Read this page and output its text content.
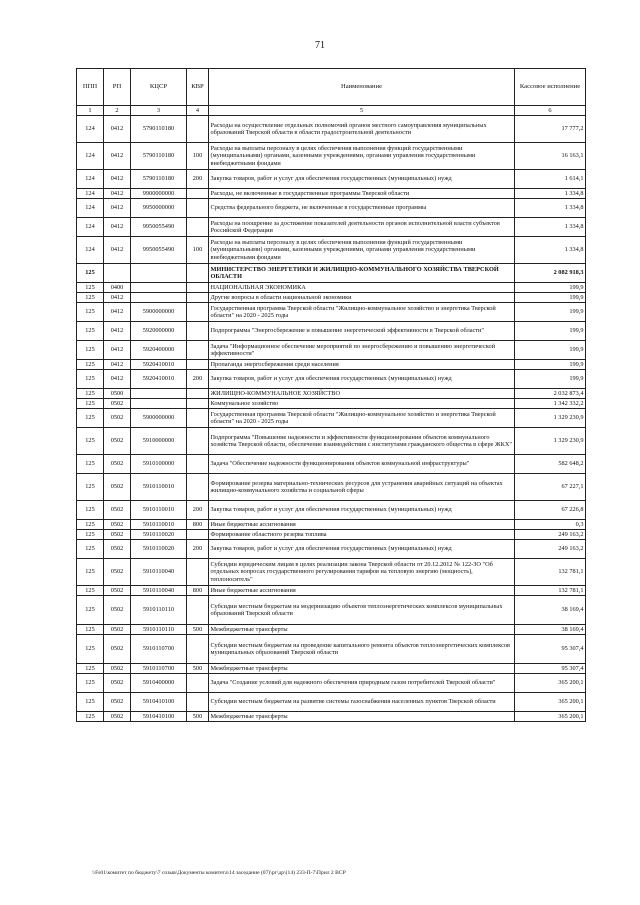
71
ППП	РП	КЦСР	КВР	Наименование	Кассовое исполнение
1	2	3	4	5	6
124	0412	5790110180		Расходы на осуществление отдельных полномочий органов местного самоуправления муниципальных образований Тверской области в области градостроительной деятельности	17 777,2
124	0412	5790110180	100	Расходы на выплаты персоналу в целях обеспечения выполнения функций государственными (муниципальными) органами, казенными учреждениями, органами управления государственными внебюджетными фондами	16 163,1
124	0412	5790110180	200	Закупка товаров, работ и услуг для обеспечения государственных (муниципальных) нужд	1 614,1
124	0412	9900000000		Расходы, не включенные в государственные программы Тверской области	1 334,8
124	0412	9950000000		Средства федерального бюджета, не включенные в государственные программы	1 334,8
124	0412	9950055490		Расходы на поощрение за достижение показателей деятельности органов исполнительной власти субъектов Российской Федерации	1 334,8
124	0412	9950055490	100	Расходы на выплаты персоналу в целях обеспечения выполнения функций государственными (муниципальными) органами, казенными учреждениями, органами управления государственными внебюджетными фондами	1 334,8
125				МИНИСТЕРСТВО ЭНЕРГЕТИКИ И ЖИЛИЩНО-КОММУНАЛЬНОГО ХОЗЯЙСТВА ТВЕРСКОЙ ОБЛАСТИ	2 082 918,3
125	0400			НАЦИОНАЛЬНАЯ ЭКОНОМИКА	199,9
125	0412			Другие вопросы в области национальной экономики	199,9
125	0412	5900000000		Государственная программа Тверской области "Жилищно-коммунальное хозяйство и энергетика Тверской области" на 2020 - 2025 годы	199,9
125	0412	5920000000		Подпрограмма "Энергосбережение и повышение энергетической эффективности в Тверской области"	199,9
125	0412	5920400000		Задача "Информационное обеспечение мероприятий по энергосбережению и повышению энергетической эффективности"	199,9
125	0412	5920410010		Пропаганда энергосбережения среди населения	199,9
125	0412	5920410010	200	Закупка товаров, работ и услуг для обеспечения государственных (муниципальных) нужд	199,9
125	0500			ЖИЛИЩНО-КОММУНАЛЬНОЕ ХОЗЯЙСТВО	2 032 873,4
125	0502			Коммунальное хозяйство	1 342 332,2
125	0502	5900000000		Государственная программа Тверской области "Жилищно-коммунальное хозяйство и энергетика Тверской области" на 2020 - 2025 годы	1 329 230,9
125	0502	5910000000		Подпрограмма "Повышение надежности и эффективности функционирования объектов коммунального хозяйства Тверской области, обеспечение взаимодействия с институтами гражданского общества в сфере ЖКХ"	1 329 230,9
125	0502	5910100000		Задача "Обеспечение надежности функционирования объектов коммунальной инфраструктуры"	582 648,2
125	0502	5910110010		Формирование резерва материально-технических ресурсов для устранения аварийных ситуаций на объектах жилищно-коммунального хозяйства и социальной сферы	67 227,1
125	0502	5910110010	200	Закупка товаров, работ и услуг для обеспечения государственных (муниципальных) нужд	67 226,8
125	0502	5910110010	800	Иные бюджетные ассигнования	0,3
125	0502	5910110020		Формирование областного резерва топлива	249 163,2
125	0502	5910110020	200	Закупка товаров, работ и услуг для обеспечения государственных (муниципальных) нужд	249 163,2
125	0502	5910110040		Субсидии юридическим лицам в целях реализации закона Тверской области от 20.12.2012 № 122-ЗО "Об отдельных вопросах государственного регулирования тарифов на тепловую энергию (мощность), теплоноситель"	132 781,1
125	0502	5910110040	800	Иные бюджетные ассигнования	132 781,1
125	0502	5910110110		Субсидии местным бюджетам на модернизацию объектов теплоэнергетических комплексов муниципальных образований Тверской области	38 169,4
125	0502	5910110110	500	Межбюджетные трансферты	38 169,4
125	0502	5910110700		Субсидии местным бюджетам на проведение капитального ремонта объектов теплоэнергетических комплексов муниципальных образований Тверской области	95 307,4
125	0502	5910110700	500	Межбюджетные трансферты	95 307,4
125	0502	5910400000		Задача "Создание условий для надежного обеспечения природным газом потребителей Тверской области"	365 200,1
125	0502	5910410100		Субсидии местным бюджетам на развитие системы газоснабжения населенных пунктов Тверской области	365 200,1
125	0502	5910410100	500	Межбюджетные трансферты	365 200,1
\\Fs01\комитет по бюджету\7 созыв\Документы комитета\14 заседание (07)\рг\др\(14) 233-П-7\Прил 2 ВСР
